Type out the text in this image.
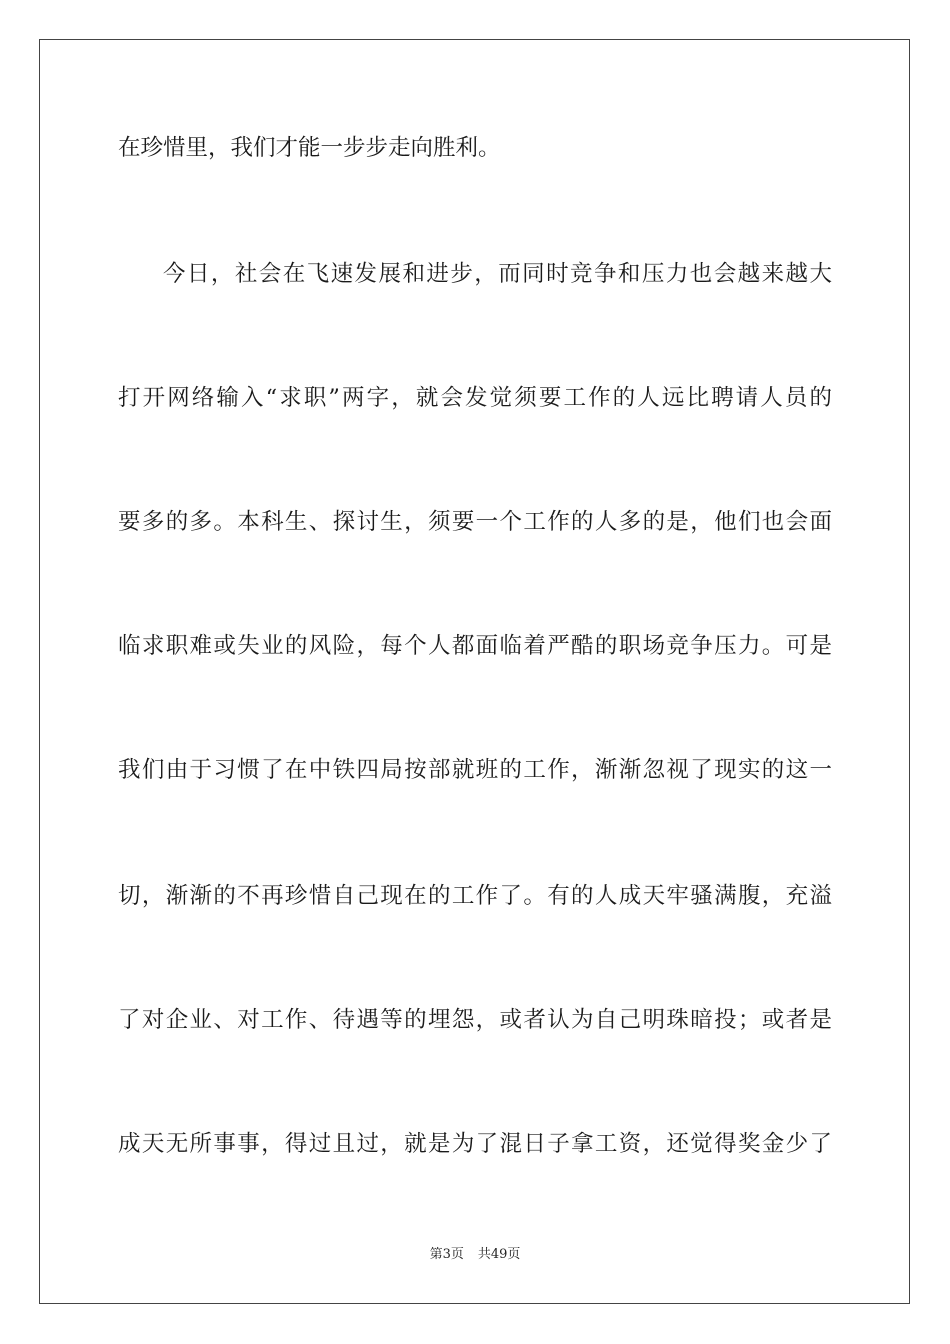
在珍惜里，我们才能一步步走向胜利。
今日，社会在飞速发展和进步，而同时竞争和压力也会越来越大
打开网络输入“求职”两字，就会发觉须要工作的人远比聘请人员的
要多的多。本科生、探讨生，须要一个工作的人多的是，他们也会面
临求职难或失业的风险，每个人都面临着严酷的职场竞争压力。可是
我们由于习惯了在中铁四局按部就班的工作，渐渐忽视了现实的这一
切，渐渐的不再珍惜自己现在的工作了。有的人成天牢骚满腹，充溢
了对企业、对工作、待遇等的埋怨，或者认为自己明珠暗投；或者是
成天无所事事，得过且过，就是为了混日子拿工资，还觉得奖金少了
第3页 共49页
